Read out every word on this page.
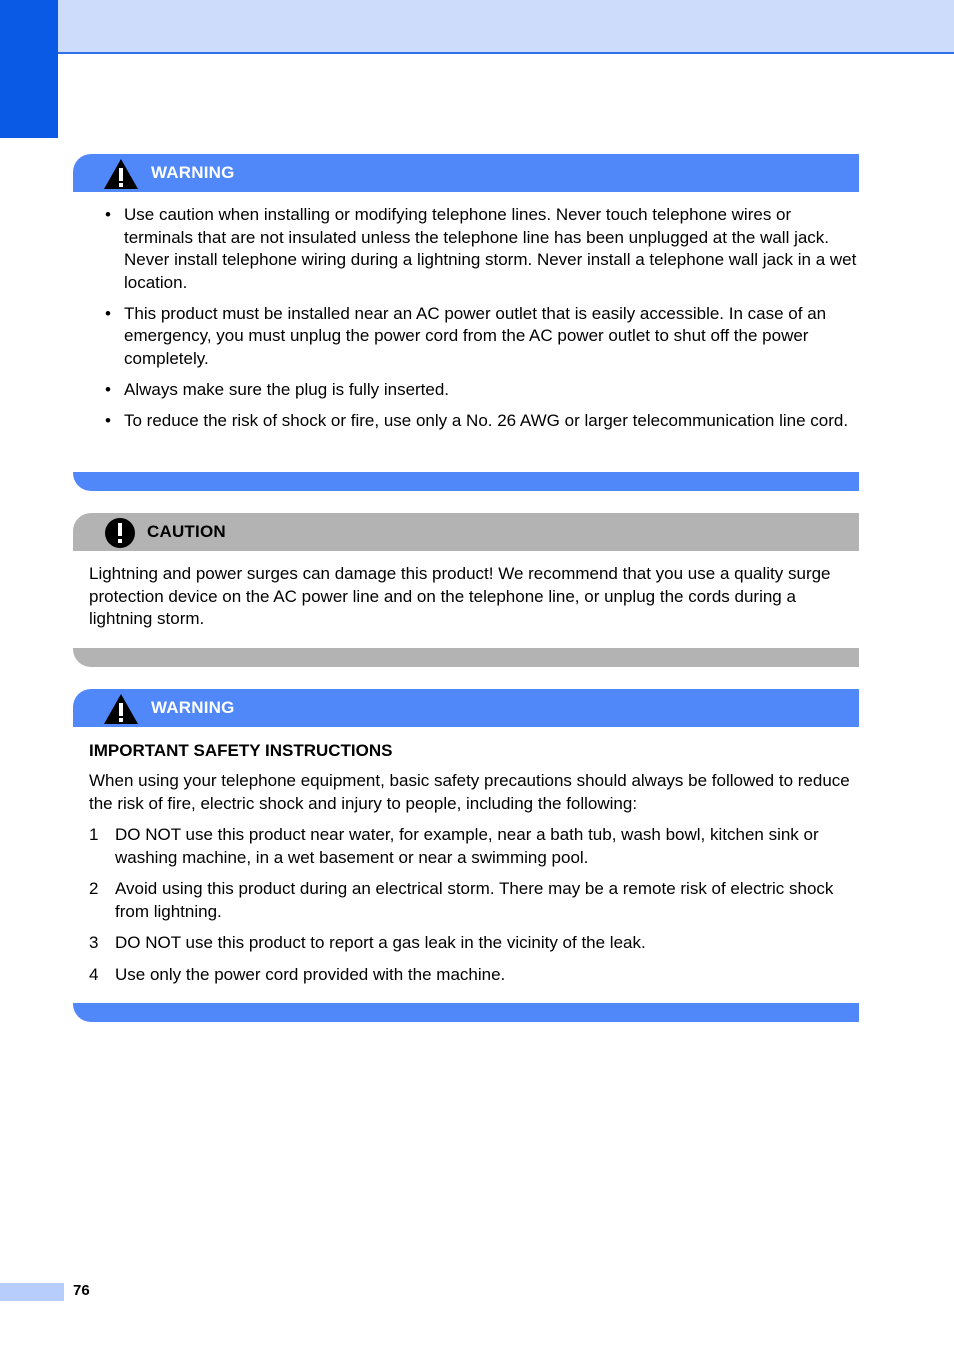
WARNING
• Use caution when installing or modifying telephone lines. Never touch telephone wires or terminals that are not insulated unless the telephone line has been unplugged at the wall jack. Never install telephone wiring during a lightning storm. Never install a telephone wall jack in a wet location.
• This product must be installed near an AC power outlet that is easily accessible. In case of an emergency, you must unplug the power cord from the AC power outlet to shut off the power completely.
• Always make sure the plug is fully inserted.
• To reduce the risk of shock or fire, use only a No. 26 AWG or larger telecommunication line cord.
CAUTION
Lightning and power surges can damage this product! We recommend that you use a quality surge protection device on the AC power line and on the telephone line, or unplug the cords during a lightning storm.
WARNING
IMPORTANT SAFETY INSTRUCTIONS
When using your telephone equipment, basic safety precautions should always be followed to reduce the risk of fire, electric shock and injury to people, including the following:
1 DO NOT use this product near water, for example, near a bath tub, wash bowl, kitchen sink or washing machine, in a wet basement or near a swimming pool.
2 Avoid using this product during an electrical storm. There may be a remote risk of electric shock from lightning.
3 DO NOT use this product to report a gas leak in the vicinity of the leak.
4 Use only the power cord provided with the machine.
76
